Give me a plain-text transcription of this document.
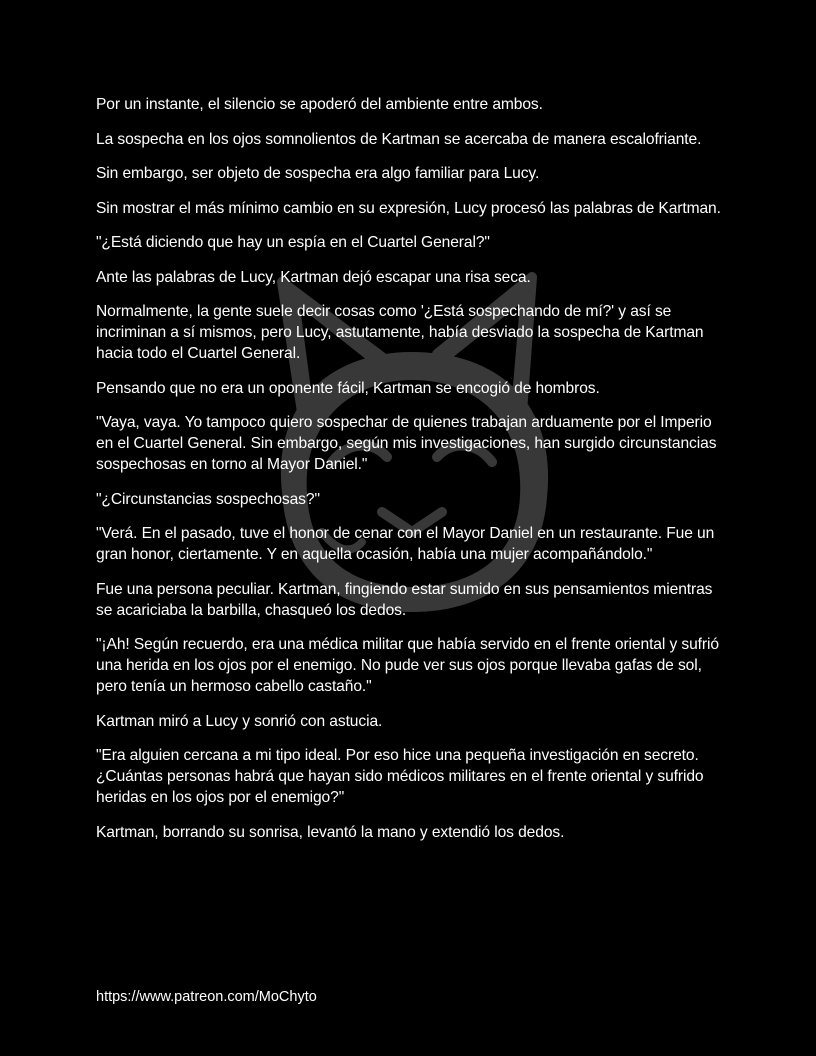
Por un instante, el silencio se apoderó del ambiente entre ambos.

La sospecha en los ojos somnolientos de Kartman se acercaba de manera escalofriante.

Sin embargo, ser objeto de sospecha era algo familiar para Lucy.

Sin mostrar el más mínimo cambio en su expresión, Lucy procesó las palabras de Kartman.

"¿Está diciendo que hay un espía en el Cuartel General?"

Ante las palabras de Lucy, Kartman dejó escapar una risa seca.

Normalmente, la gente suele decir cosas como '¿Está sospechando de mí?' y así se incriminan a sí mismos, pero Lucy, astutamente, había desviado la sospecha de Kartman hacia todo el Cuartel General.

Pensando que no era un oponente fácil, Kartman se encogió de hombros.

"Vaya, vaya. Yo tampoco quiero sospechar de quienes trabajan arduamente por el Imperio en el Cuartel General. Sin embargo, según mis investigaciones, han surgido circunstancias sospechosas en torno al Mayor Daniel."

"¿Circunstancias sospechosas?"

"Verá. En el pasado, tuve el honor de cenar con el Mayor Daniel en un restaurante. Fue un gran honor, ciertamente. Y en aquella ocasión, había una mujer acompañándolo."

Fue una persona peculiar. Kartman, fingiendo estar sumido en sus pensamientos mientras se acariciaba la barbilla, chasqueó los dedos.

"¡Ah! Según recuerdo, era una médica militar que había servido en el frente oriental y sufrió una herida en los ojos por el enemigo. No pude ver sus ojos porque llevaba gafas de sol, pero tenía un hermoso cabello castaño."

Kartman miró a Lucy y sonrió con astucia.

"Era alguien cercana a mi tipo ideal. Por eso hice una pequeña investigación en secreto. ¿Cuántas personas habrá que hayan sido médicos militares en el frente oriental y sufrido heridas en los ojos por el enemigo?"

Kartman, borrando su sonrisa, levantó la mano y extendió los dedos.

https://www.patreon.com/MoChyto
